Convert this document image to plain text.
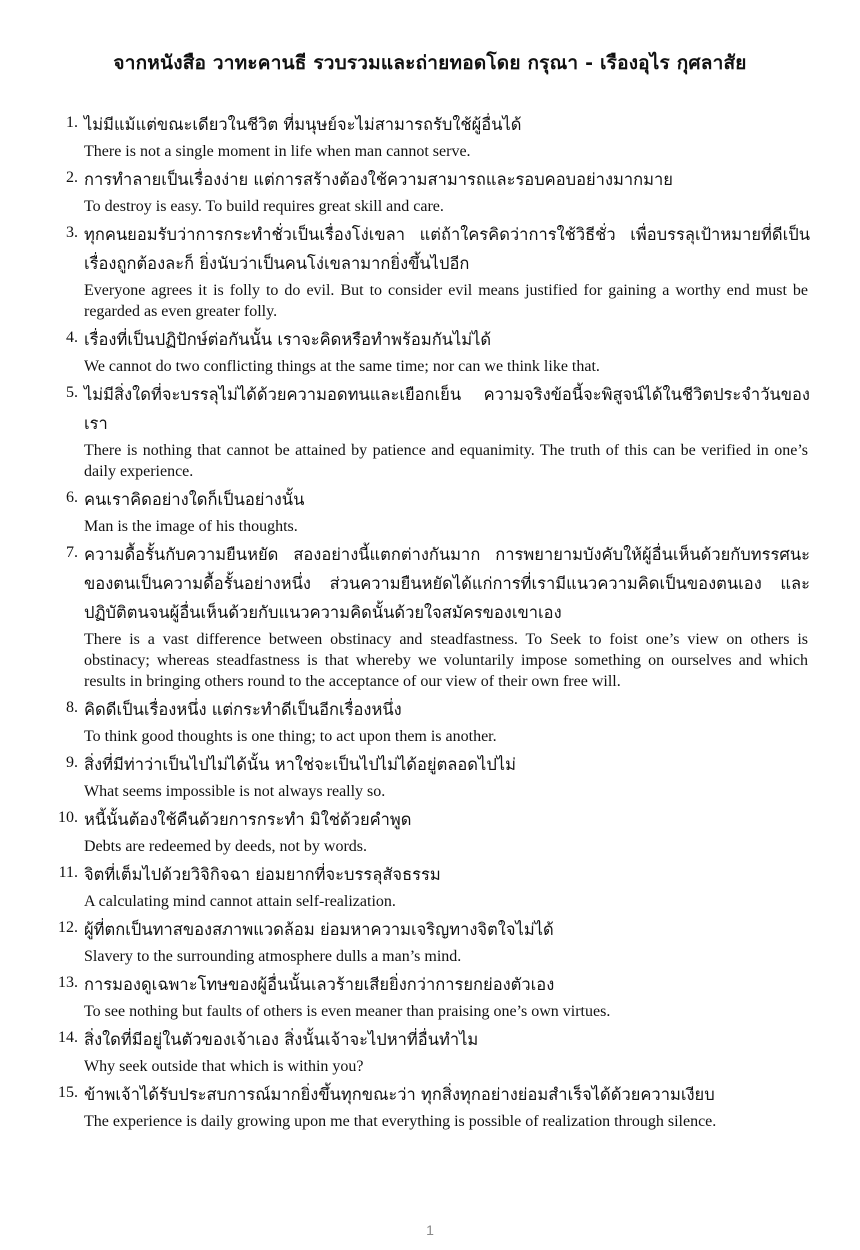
จากหนังสือ วาทะคานธี รวบรวมและถ่ายทอดโดย กรุณา - เรืองอุไร กุศลาสัย
1. ไม่มีแม้แต่ขณะเดียวในชีวิต ที่มนุษย์จะไม่สามารถรับใช้ผู้อื่นได้

There is not a single moment in life when man cannot serve.

2. การทำลายเป็นเรื่องง่าย แต่การสร้างต้องใช้ความสามารถและรอบคอบอย่างมากมาย

To destroy is easy. To build requires great skill and care.

3. ทุกคนยอมรับว่าการกระทำชั่วเป็นเรื่องโง่เขลา แต่ถ้าใครคิดว่าการใช้วิธีชั่ว เพื่อบรรลุเป้าหมายที่ดีเป็นเรื่องถูกต้องละก็ ยิ่งนับว่าเป็นคนโง่เขลามากยิ่งขึ้นไปอีก

Everyone agrees it is folly to do evil. But to consider evil means justified for gaining a worthy end must be regarded as even greater folly.

4. เรื่องที่เป็นปฏิปักษ์ต่อกันนั้น เราจะคิดหรือทำพร้อมกันไม่ได้

We cannot do two conflicting things at the same time; nor can we think like that.

5. ไม่มีสิ่งใดที่จะบรรลุไม่ได้ด้วยความอดทนและเยือกเย็น ความจริงข้อนี้จะพิสูจน์ได้ในชีวิตประจำวันของเรา

There is nothing that cannot be attained by patience and equanimity. The truth of this can be verified in one’s daily experience.

6. คนเราคิดอย่างใดก็เป็นอย่างนั้น

Man is the image of his thoughts.

7. ความดื้อรั้นกับความยืนหยัด สองอย่างนี้แตกต่างกันมาก การพยายามบังคับให้ผู้อื่นเห็นด้วยกับทรรศนะของตนเป็นความดื้อรั้นอย่างหนึ่ง ส่วนความยืนหยัดได้แก่การที่เรามีแนวความคิดเป็นของตนเอง และปฏิบัติตนจนผู้อื่นเห็นด้วยกับแนวความคิดนั้นด้วยใจสมัครของเขาเอง

There is a vast difference between obstinacy and steadfastness. To Seek to foist one’s view on others is obstinacy; whereas steadfastness is that whereby we voluntarily impose something on ourselves and which results in bringing others round to the acceptance of our view of their own free will.

8. คิดดีเป็นเรื่องหนึ่ง แต่กระทำดีเป็นอีกเรื่องหนึ่ง

To think good thoughts is one thing; to act upon them is another.

9. สิ่งที่มีท่าว่าเป็นไปไม่ได้นั้น หาใช่จะเป็นไปไม่ได้อยู่ตลอดไปไม่

What seems impossible is not always really so.

10. หนี้นั้นต้องใช้คืนด้วยการกระทำ มิใช่ด้วยคำพูด

Debts are redeemed by deeds, not by words.

11. จิตที่เต็มไปด้วยวิจิกิจฉา ย่อมยากที่จะบรรลุสัจธรรม

A calculating mind cannot attain self-realization.

12. ผู้ที่ตกเป็นทาสของสภาพแวดล้อม ย่อมหาความเจริญทางจิตใจไม่ได้

Slavery to the surrounding atmosphere dulls a man’s mind.

13. การมองดูเฉพาะโทษของผู้อื่นนั้นเลวร้ายเสียยิ่งกว่าการยกย่องตัวเอง

To see nothing but faults of others is even meaner than praising one’s own virtues.

14. สิ่งใดที่มีอยู่ในตัวของเจ้าเอง สิ่งนั้นเจ้าจะไปหาที่อื่นทำไม

Why seek outside that which is within you?

15. ข้าพเจ้าได้รับประสบการณ์มากยิ่งขึ้นทุกขณะว่า ทุกสิ่งทุกอย่างย่อมสำเร็จได้ด้วยความเงียบ

The experience is daily growing upon me that everything is possible of realization through silence.

1
